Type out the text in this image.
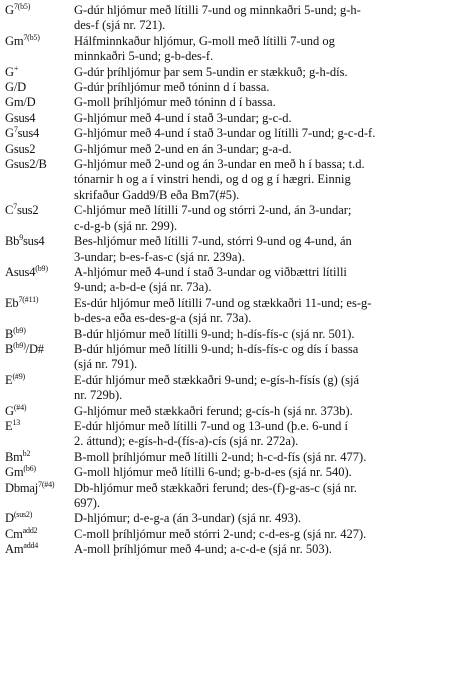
$G^{7(b5)}$	G-dúr hljómur með lítilli 7-und og minnkaðri 5-und; g-h-
des-f (sjá nr. 721).
$Gm^{7(b5)}$	Hálfminnkaður hljómur, G-moll með lítilli 7-und og
minnkaðri 5-und; g-b-des-f.
G+	G-dúr þríhljómur þar sem 5-undin er stækkuð; g-h-dís.
G/D	G-dúr þríhljómur með tóninn d í bassa.
Gm/D	G-moll þríhljómur með tóninn d í bassa.
Gsus4	G-hljómur með 4-und í stað 3-undar; g-c-d.
$G^7sus4$	G-hljómur með 4-und í stað 3-undar og lítilli 7-und; g-c-d-f.
Gsus2	G-hljómur með 2-und en án 3-undar; g-a-d.
Gsus2/B	G-hljómur með 2-und og án 3-undar en með h í bassa; t.d.
tónarnir h og a í vinstri hendi, og d og g í hægri. Einnig
skrifaður Gadd9/B eða Bm7(#5).
$C^7sus2$	C-hljómur með lítilli 7-und og stórri 2-und, án 3-undar;
c-d-g-b (sjá nr. 299).
Bb$^9$sus4	Bes-hljómur með lítilli 7-und, stórri 9-und og 4-und, án
3-undar; b-es-f-as-c (sjá nr. 239a).
$Asus4^{(b9)}$	A-hljómur með 4-und í stað 3-undar og viðbættri lítilli
9-und; a-b-d-e (sjá nr. 73a).
$Eb^{7(\#11)}$	Es-dúr hljómur með lítilli 7-und og stækkaðri 11-und; es-g-
b-des-a eða es-des-g-a (sjá nr. 73a).
$B^{(b9)}$	B-dúr hljómur með lítilli 9-und; h-dís-fís-c (sjá nr. 501).
$B^{(b9)}/D\#$	B-dúr hljómur með lítilli 9-und; h-dís-fís-c og dís í bassa
(sjá nr. 791).
$E^{(\#9)}$	E-dúr hljómur með stækkaðri 9-und; e-gís-h-físís (g) (sjá
nr. 729b).
$G^{(\#4)}$	G-hljómur með stækkaðri ferund; g-cís-h (sjá nr. 373b).
$E^{13}$	E-dúr hljómur með lítilli 7-und og 13-und (þ.e. 6-und í
2. áttund); e-gís-h-d-(fís-a)-cís (sjá nr. 272a).
$Bm^{b2}$	B-moll þríhljómur með lítilli 2-und; h-c-d-fís (sjá nr. 477).
$Gm^{(b6)}$	G-moll hljómur með lítilli 6-und; g-b-d-es (sjá nr. 540).
Dbmaj$^{7(\#4)}$	Db-hljómur með stækkaðri ferund; des-(f)-g-as-c (sjá nr.
697).
$D^{(sus2)}$	D-hljómur; d-e-g-a (án 3-undar) (sjá nr. 493).
$Cm^{add2}$	C-moll þríhljómur með stórri 2-und; c-d-es-g (sjá nr. 427).
$Am^{add4}$	A-moll þríhljómur með 4-und; a-c-d-e (sjá nr. 503).
